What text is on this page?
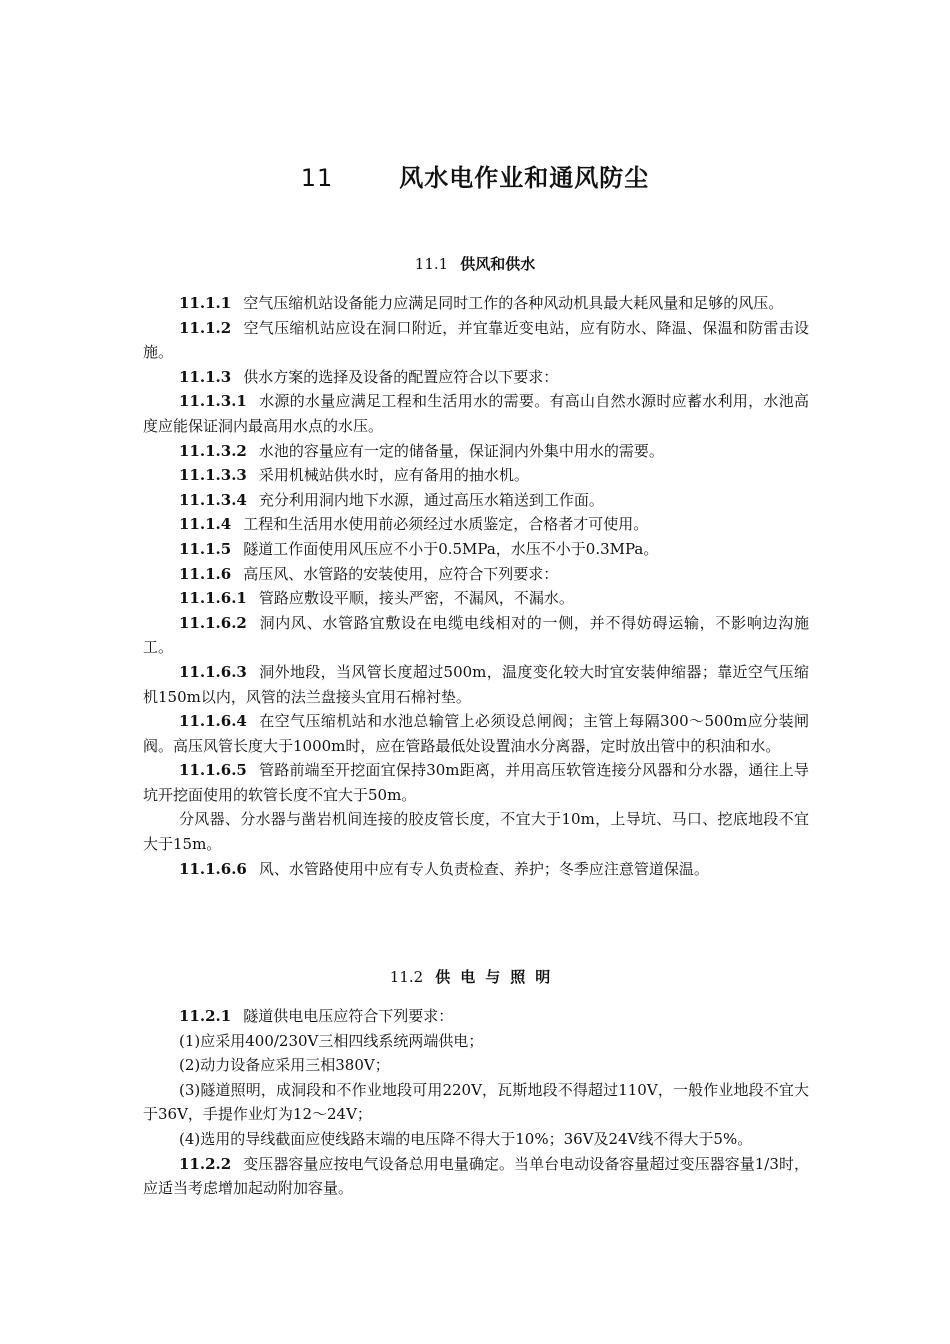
11	风水电作业和通风防尘
11.1 供风和供水

11.1.1 空气压缩机站设备能力应满足同时工作的各种风动机具最大耗风量和足够的风压。

11.1.2 空气压缩机站应设在洞口附近，并宜靠近变电站，应有防水、降温、保温和防雷击设施。

11.1.3 供水方案的选择及设备的配置应符合以下要求：

11.1.3.1 水源的水量应满足工程和生活用水的需要。有高山自然水源时应蓄水利用，水池高度应能保证洞内最高用水点的水压。

11.1.3.2 水池的容量应有一定的储备量，保证洞内外集中用水的需要。

11.1.3.3 采用机械站供水时，应有备用的抽水机。

11.1.3.4 充分利用洞内地下水源，通过高压水箱送到工作面。

11.1.4 工程和生活用水使用前必须经过水质鉴定，合格者才可使用。

11.1.5 隧道工作面使用风压应不小于0.5MPa，水压不小于0.3MPa。

11.1.6 高压风、水管路的安装使用，应符合下列要求：

11.1.6.1 管路应敷设平顺，接头严密，不漏风，不漏水。

11.1.6.2 洞内风、水管路宜敷设在电缆电线相对的一侧，并不得妨碍运输，不影响边沟施工。

11.1.6.3 洞外地段，当风管长度超过500m，温度变化较大时宜安装伸缩器；靠近空气压缩机150m以内，风管的法兰盘接头宜用石棉衬垫。

11.1.6.4 在空气压缩机站和水池总输管上必须设总闸阀；主管上每隔300～500m应分装闸阀。高压风管长度大于1000m时，应在管路最低处设置油水分离器，定时放出管中的积油和水。

11.1.6.5 管路前端至开挖面宜保持30m距离，并用高压软管连接分风器和分水器，通往上导坑开挖面使用的软管长度不宜大于50m。

分风器、分水器与凿岩机间连接的胶皮管长度，不宜大于10m，上导坑、马口、挖底地段不宜大于15m。

11.1.6.6 风、水管路使用中应有专人负责检查、养护；冬季应注意管道保温。

11.2 供电与照明

11.2.1 隧道供电电压应符合下列要求：

(1)应采用400/230V三相四线系统两端供电；

(2)动力设备应采用三相380V；

(3)隧道照明，成洞段和不作业地段可用220V，瓦斯地段不得超过110V，一般作业地段不宜大于36V，手提作业灯为12～24V；

(4)选用的导线截面应使线路末端的电压降不得大于10%；36V及24V线不得大于5%。

11.2.2 变压器容量应按电气设备总用电量确定。当单台电动设备容量超过变压器容量1/3时，应适当考虑增加起动附加容量。
